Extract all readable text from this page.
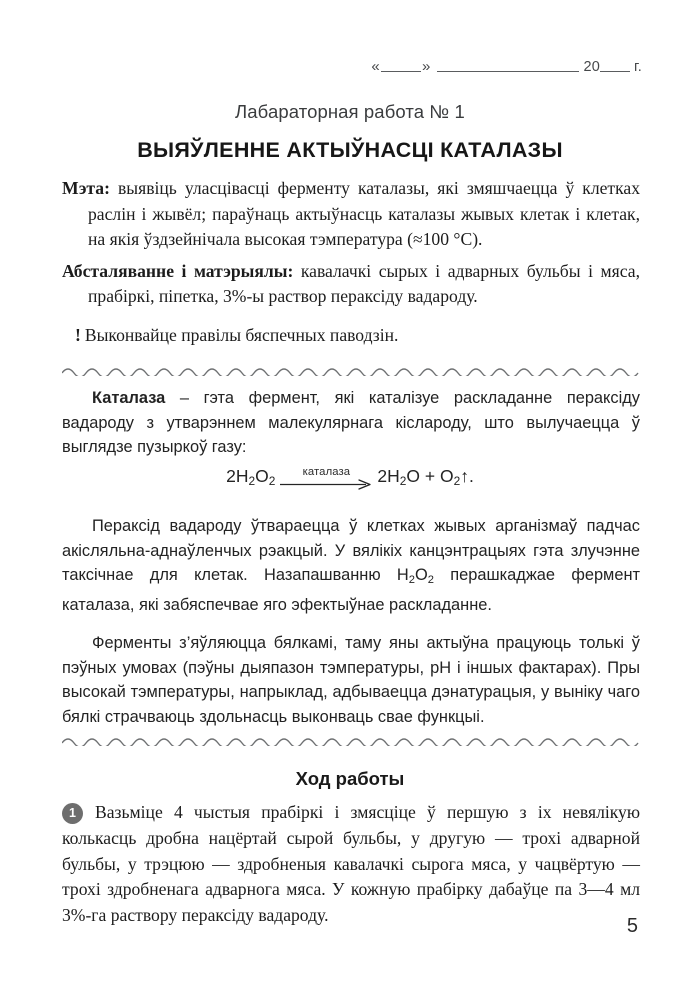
«	»	20 г.
Лабараторная работа № 1
ВЫЯЎЛЕННЕ АКТЫЎНАСЦІ КАТАЛАЗЫ

Мэта: выявіць уласцівасці ферменту каталазы, які змяшчаецца ў клетках раслін і жывёл; параўнаць актыўнасць каталазы жывых клетак і клетак, на якія ўздзейнічала высокая тэмпература (≈100 °С).

Абсталяванне і матэрыялы: кавалачкі сырых і адварных бульбы і мяса, прабіркі, піпетка, 3%-ы раствор пераксіду вадароду.

! Выконвайце правілы бяспечных паводзін.

Каталаза – гэта фермент, які каталізуе раскладанне пераксіду вадароду з утварэннем малекулярнага кіслароду, што вылучаецца ў выглядзе пузыркоў газу:

$2H_2O_2$
каталаза $2H_2O$ + $O_2↑$.

Пераксід вадароду ўтвараецца ў клетках жывых арганізмаў падчас акісляльна-аднаўленчых рэакцый. У вялікіх канцэнтрацыях гэта злучэнне таксічнае для клетак. Назапашванню $H_2O_2$ перашкаджае фермент каталаза, які забяспечвае яго эфектыўнае раскладанне.

Ферменты з’яўляюцца бялкамі, таму яны актыўна працуюць толькі ў пэўных умовах (пэўны дыяпазон тэмпературы, рН і іншых фактарах). Пры высокай тэмпературы, напрыклад, адбываецца дэнатурацыя, у выніку чаго бялкі страчваюць здольнасць выконваць свае функцыі.

Ход работы
1	Вазьміце 4 чыстыя прабіркі і змясціце ў першую з іх невялікую колькасць дробна нацёртай сырой бульбы, у другую — трохі адварной бульбы, у трэцюю — здробненыя кавалачкі сырога мяса, у чацвёртую — трохі здробненага адварнога мяса. У кожную прабірку дабаўце па 3—4 мл 3%-га раствору пераксіду вадароду.	5
